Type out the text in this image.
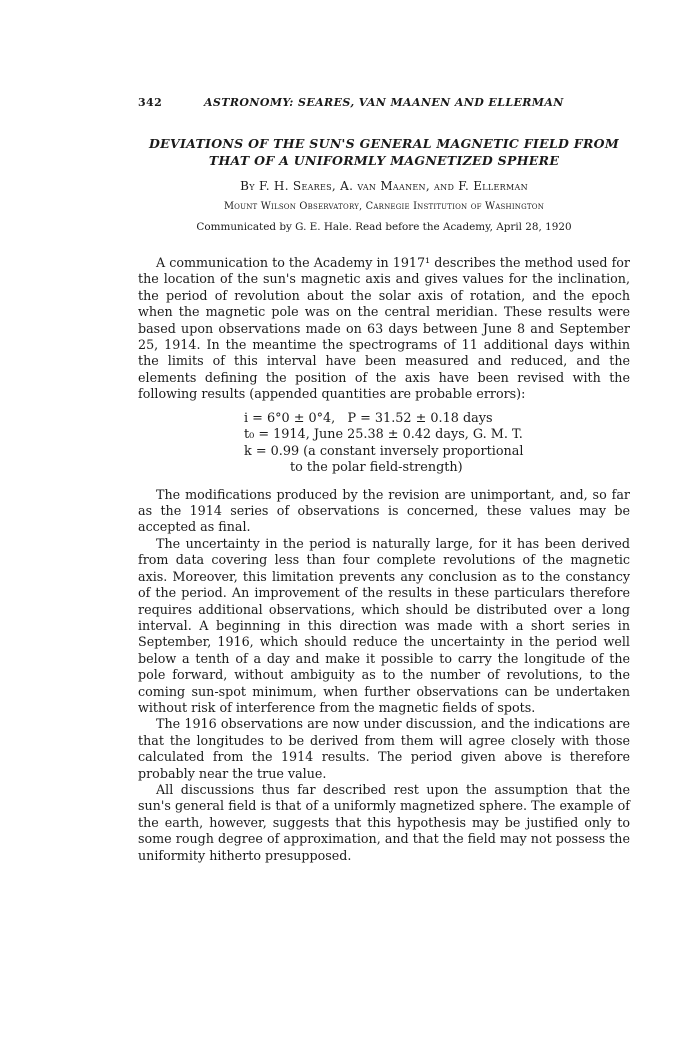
342	ASTRONOMY: SEARES, VAN MAANEN AND ELLERMAN
DEVIATIONS OF THE SUN'S GENERAL MAGNETIC FIELD FROM
THAT OF A UNIFORMLY MAGNETIZED SPHERE
By F. H. Seares, A. van Maanen, and F. Ellerman
Mount Wilson Observatory, Carnegie Institution of Washington
Communicated by G. E. Hale. Read before the Academy, April 28, 1920

A communication to the Academy in 1917¹ describes the method used for the location of the sun's magnetic axis and gives values for the inclination, the period of revolution about the solar axis of rotation, and the epoch when the magnetic pole was on the central meridian. These results were based upon observations made on 63 days between June 8 and September 25, 1914. In the meantime the spectrograms of 11 additional days within the limits of this interval have been measured and reduced, and the elements defining the position of the axis have been revised with the following results (appended quantities are probable errors):

i = 6°0 ± 0°4,   P = 31.52 ± 0.18 days
t₀ = 1914, June 25.38 ± 0.42 days, G. M. T.
k = 0.99 (a constant inversely proportional
to the polar field-strength)

The modifications produced by the revision are unimportant, and, so far as the 1914 series of observations is concerned, these values may be accepted as final.

The uncertainty in the period is naturally large, for it has been derived from data covering less than four complete revolutions of the magnetic axis. Moreover, this limitation prevents any conclusion as to the constancy of the period. An improvement of the results in these particulars therefore requires additional observations, which should be distributed over a long interval. A beginning in this direction was made with a short series in September, 1916, which should reduce the uncertainty in the period well below a tenth of a day and make it possible to carry the longitude of the pole forward, without ambiguity as to the number of revolutions, to the coming sun-spot minimum, when further observations can be undertaken without risk of interference from the magnetic fields of spots.

The 1916 observations are now under discussion, and the indications are that the longitudes to be derived from them will agree closely with those calculated from the 1914 results. The period given above is therefore probably near the true value.

All discussions thus far described rest upon the assumption that the sun's general field is that of a uniformly magnetized sphere. The example of the earth, however, suggests that this hypothesis may be justified only to some rough degree of approximation, and that the field may not possess the uniformity hitherto presupposed.
